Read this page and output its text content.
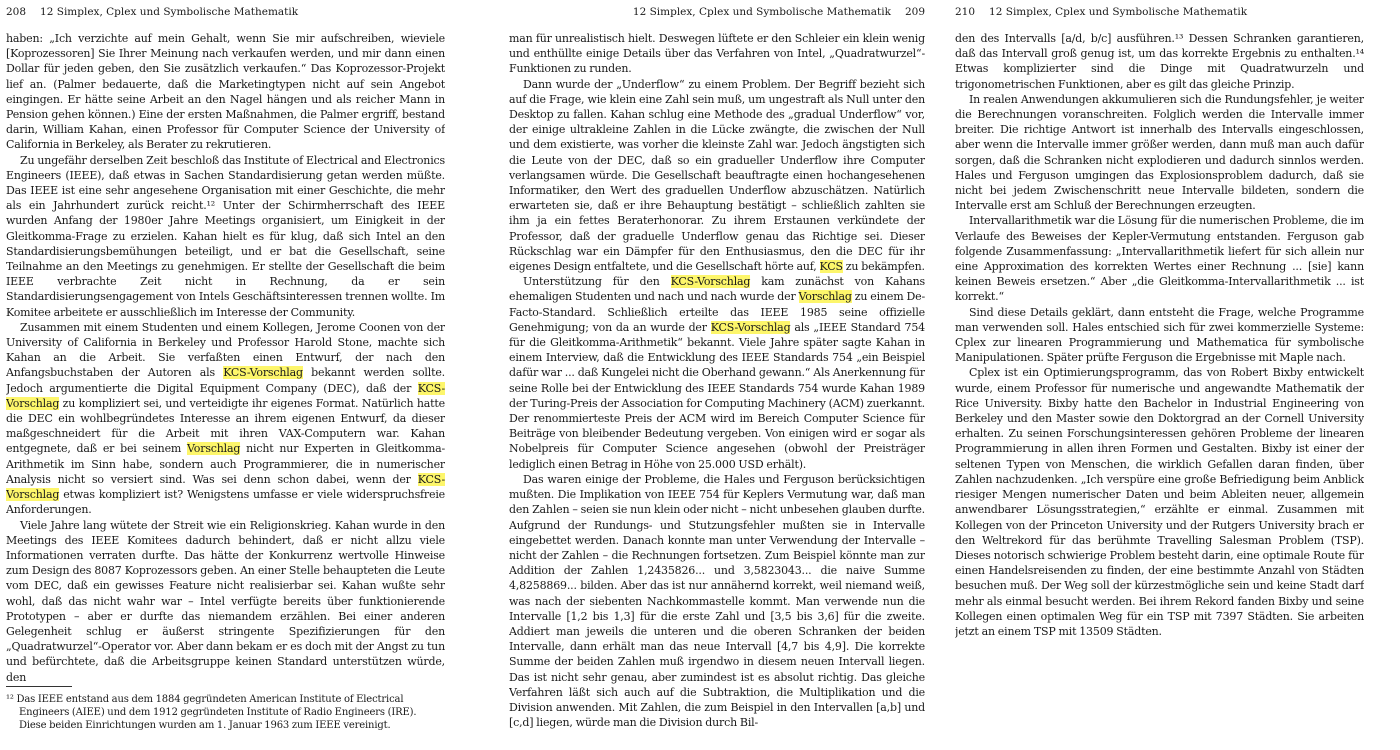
208 12 Simplex, Cplex und Symbolische Mathematik

haben: „Ich verzichte auf mein Gehalt, wenn Sie mir aufschreiben, wieviele [Koprozessoren] Sie Ihrer Meinung nach verkaufen werden, und mir dann einen Dollar für jeden geben, den Sie zusätzlich verkaufen.“ Das Koprozessor-Projekt lief an. (Palmer bedauerte, daß die Marketingtypen nicht auf sein Angebot eingingen. Er hätte seine Arbeit an den Nagel hängen und als reicher Mann in Pension gehen können.) Eine der ersten Maßnahmen, die Palmer ergriff, bestand darin, William Kahan, einen Professor für Computer Science der University of California in Berkeley, als Berater zu rekrutieren.

Zu ungefähr derselben Zeit beschloß das Institute of Electrical and Electronics Engineers (IEEE), daß etwas in Sachen Standardisierung getan werden müßte. Das IEEE ist eine sehr angesehene Organisation mit einer Geschichte, die mehr als ein Jahrhundert zurück reicht.¹² Unter der Schirmherrschaft des IEEE wurden Anfang der 1980er Jahre Meetings organisiert, um Einigkeit in der Gleitkomma-Frage zu erzielen. Kahan hielt es für klug, daß sich Intel an den Standardisierungsbemühungen beteiligt, und er bat die Gesellschaft, seine Teilnahme an den Meetings zu genehmigen. Er stellte der Gesellschaft die beim IEEE verbrachte Zeit nicht in Rechnung, da er sein Standardisierungsengagement von Intels Geschäftsinteressen trennen wollte. Im Komitee arbeitete er ausschließlich im Interesse der Community.

Zusammen mit einem Studenten und einem Kollegen, Jerome Coonen von der University of California in Berkeley und Professor Harold Stone, machte sich Kahan an die Arbeit. Sie verfaßten einen Entwurf, der nach den Anfangsbuchstaben der Autoren als KCS-Vorschlag bekannt werden sollte. Jedoch argumentierte die Digital Equipment Company (DEC), daß der KCS-Vorschlag zu kompliziert sei, und verteidigte ihr eigenes Format. Natürlich hatte die DEC ein wohlbegründetes Interesse an ihrem eigenen Entwurf, da dieser maßgeschneidert für die Arbeit mit ihren VAX-Computern war. Kahan entgegnete, daß er bei seinem Vorschlag nicht nur Experten in Gleitkomma-Arithmetik im Sinn habe, sondern auch Programmierer, die in numerischer Analysis nicht so versiert sind. Was sei denn schon dabei, wenn der KCS-Vorschlag etwas kompliziert ist? Wenigstens umfasse er viele widerspruchsfreie Anforderungen.

Viele Jahre lang wütete der Streit wie ein Religionskrieg. Kahan wurde in den Meetings des IEEE Komitees dadurch behindert, daß er nicht allzu viele Informationen verraten durfte. Das hätte der Konkurrenz wertvolle Hinweise zum Design des 8087 Koprozessors geben. An einer Stelle behaupteten die Leute vom DEC, daß ein gewisses Feature nicht realisierbar sei. Kahan wußte sehr wohl, daß das nicht wahr war – Intel verfügte bereits über funktionierende Prototypen – aber er durfte das niemandem erzählen. Bei einer anderen Gelegenheit schlug er äußerst stringente Spezifizierungen für den „Quadratwurzel“-Operator vor. Aber dann bekam er es doch mit der Angst zu tun und befürchtete, daß die Arbeitsgruppe keinen Standard unterstützen würde, den

¹² Das IEEE entstand aus dem 1884 gegründeten American Institute of Electrical Engineers (AIEE) und dem 1912 gegründeten Institute of Radio Engineers (IRE). Diese beiden Einrichtungen wurden am 1. Januar 1963 zum IEEE vereinigt.
12 Simplex, Cplex und Symbolische Mathematik 209

man für unrealistisch hielt. Deswegen lüftete er den Schleier ein klein wenig und enthüllte einige Details über das Verfahren von Intel, „Quadratwurzel“-Funktionen zu runden.

Dann wurde der „Underflow“ zu einem Problem. Der Begriff bezieht sich auf die Frage, wie klein eine Zahl sein muß, um ungestraft als Null unter den Desktop zu fallen. Kahan schlug eine Methode des „gradual Underflow“ vor, der einige ultrakleine Zahlen in die Lücke zwängte, die zwischen der Null und dem existierte, was vorher die kleinste Zahl war. Jedoch ängstigten sich die Leute von der DEC, daß so ein gradueller Underflow ihre Computer verlangsamen würde. Die Gesellschaft beauftragte einen hochangesehenen Informatiker, den Wert des graduellen Underflow abzuschätzen. Natürlich erwarteten sie, daß er ihre Behauptung bestätigt – schließlich zahlten sie ihm ja ein fettes Beraterhonorar. Zu ihrem Erstaunen verkündete der Professor, daß der graduelle Underflow genau das Richtige sei. Dieser Rückschlag war ein Dämpfer für den Enthusiasmus, den die DEC für ihr eigenes Design entfaltete, und die Gesellschaft hörte auf, KCS zu bekämpfen.

Unterstützung für den KCS-Vorschlag kam zunächst von Kahans ehemaligen Studenten und nach und nach wurde der Vorschlag zu einem De-Facto-Standard. Schließlich erteilte das IEEE 1985 seine offizielle Genehmigung; von da an wurde der KCS-Vorschlag als „IEEE Standard 754 für die Gleitkomma-Arithmetik“ bekannt. Viele Jahre später sagte Kahan in einem Interview, daß die Entwicklung des IEEE Standards 754 „ein Beispiel dafür war ... daß Kungelei nicht die Oberhand gewann.“ Als Anerkennung für seine Rolle bei der Entwicklung des IEEE Standards 754 wurde Kahan 1989 der Turing-Preis der Association for Computing Machinery (ACM) zuerkannt. Der renommierteste Preis der ACM wird im Bereich Computer Science für Beiträge von bleibender Bedeutung vergeben. Von einigen wird er sogar als Nobelpreis für Computer Science angesehen (obwohl der Preisträger lediglich einen Betrag in Höhe von 25.000 USD erhält).

Das waren einige der Probleme, die Hales und Ferguson berücksichtigen mußten. Die Implikation von IEEE 754 für Keplers Vermutung war, daß man den Zahlen – seien sie nun klein oder nicht – nicht unbesehen glauben durfte. Aufgrund der Rundungs- und Stutzungsfehler mußten sie in Intervalle eingebettet werden. Danach konnte man unter Verwendung der Intervalle – nicht der Zahlen – die Rechnungen fortsetzen. Zum Beispiel könnte man zur Addition der Zahlen 1,2435826... und 3,5823043... die naive Summe 4,8258869... bilden. Aber das ist nur annähernd korrekt, weil niemand weiß, was nach der siebenten Nachkommastelle kommt. Man verwende nun die Intervalle [1,2 bis 1,3] für die erste Zahl und [3,5 bis 3,6] für die zweite. Addiert man jeweils die unteren und die oberen Schranken der beiden Intervalle, dann erhält man das neue Intervall [4,7 bis 4,9]. Die korrekte Summe der beiden Zahlen muß irgendwo in diesem neuen Intervall liegen. Das ist nicht sehr genau, aber zumindest ist es absolut richtig. Das gleiche Verfahren läßt sich auch auf die Subtraktion, die Multiplikation und die Division anwenden. Mit Zahlen, die zum Beispiel in den Intervallen [a,b] und [c,d] liegen, würde man die Division durch Bil-

210 12 Simplex, Cplex und Symbolische Mathematik

den des Intervalls [a/d, b/c] ausführen.¹³ Dessen Schranken garantieren, daß das Intervall groß genug ist, um das korrekte Ergebnis zu enthalten.¹⁴ Etwas komplizierter sind die Dinge mit Quadratwurzeln und trigonometrischen Funktionen, aber es gilt das gleiche Prinzip.

In realen Anwendungen akkumulieren sich die Rundungsfehler, je weiter die Berechnungen voranschreiten. Folglich werden die Intervalle immer breiter. Die richtige Antwort ist innerhalb des Intervalls eingeschlossen, aber wenn die Intervalle immer größer werden, dann muß man auch dafür sorgen, daß die Schranken nicht explodieren und dadurch sinnlos werden. Hales und Ferguson umgingen das Explosionsproblem dadurch, daß sie nicht bei jedem Zwischenschritt neue Intervalle bildeten, sondern die Intervalle erst am Schluß der Berechnungen erzeugten.

Intervallarithmetik war die Lösung für die numerischen Probleme, die im Verlaufe des Beweises der Kepler-Vermutung entstanden. Ferguson gab folgende Zusammenfassung: „Intervallarithmetik liefert für sich allein nur eine Approximation des korrekten Wertes einer Rechnung ... [sie] kann keinen Beweis ersetzen.“ Aber „die Gleitkomma-Intervallarithmetik ... ist korrekt.“

Sind diese Details geklärt, dann entsteht die Frage, welche Programme man verwenden soll. Hales entschied sich für zwei kommerzielle Systeme: Cplex zur linearen Programmierung und Mathematica für symbolische Manipulationen. Später prüfte Ferguson die Ergebnisse mit Maple nach.

Cplex ist ein Optimierungsprogramm, das von Robert Bixby entwickelt wurde, einem Professor für numerische und angewandte Mathematik der Rice University. Bixby hatte den Bachelor in Industrial Engineering von Berkeley und den Master sowie den Doktorgrad an der Cornell University erhalten. Zu seinen Forschungsinteressen gehören Probleme der linearen Programmierung in allen ihren Formen und Gestalten. Bixby ist einer der seltenen Typen von Menschen, die wirklich Gefallen daran finden, über Zahlen nachzudenken. „Ich verspüre eine große Befriedigung beim Anblick riesiger Mengen numerischer Daten und beim Ableiten neuer, allgemein anwendbarer Lösungsstrategien,“ erzählte er einmal. Zusammen mit Kollegen von der Princeton University und der Rutgers University brach er den Weltrekord für das berühmte Travelling Salesman Problem (TSP). Dieses notorisch schwierige Problem besteht darin, eine optimale Route für einen Handelsreisenden zu finden, der eine bestimmte Anzahl von Städten besuchen muß. Der Weg soll der kürzestmögliche sein und keine Stadt darf mehr als einmal besucht werden. Bei ihrem Rekord fanden Bixby und seine Kollegen einen optimalen Weg für ein TSP mit 7397 Städten. Sie arbeiten jetzt an einem TSP mit 13509 Städten.
